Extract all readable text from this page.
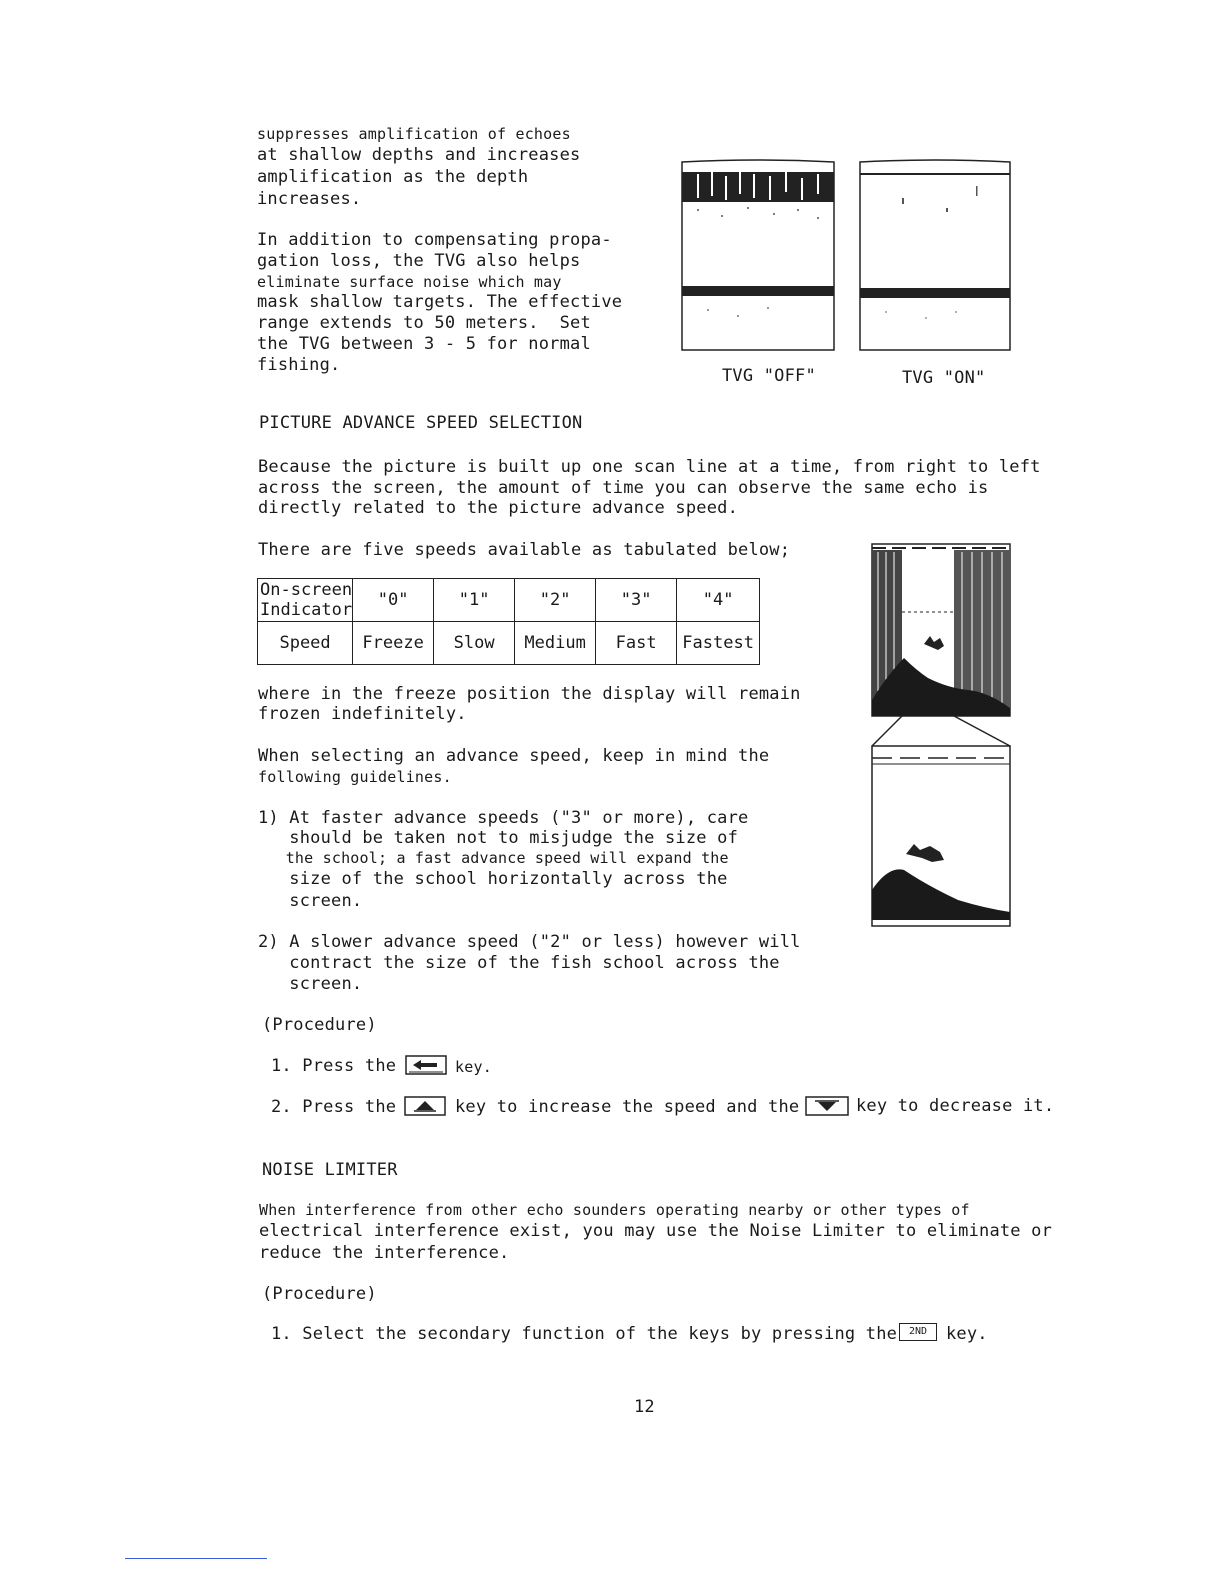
suppresses amplification of echoes
at shallow depths and increases
amplification as the depth
increases.
In addition to compensating propa-
gation loss, the TVG also helps
eliminate surface noise which may
mask shallow targets. The effective
range extends to 50 meters.  Set
the TVG between 3 - 5 for normal
fishing.
TVG "OFF"	TVG "ON"
PICTURE ADVANCE SPEED SELECTION
Because the picture is built up one scan line at a time, from right to left
across the screen, the amount of time you can observe the same echo is
directly related to the picture advance speed.
There are five speeds available as tabulated below;
On-screen
Indicator	"0"	"1"	"2"	"3"	"4"
Speed	Freeze	Slow	Medium	Fast	Fastest
where in the freeze position the display will remain
frozen indefinitely.
When selecting an advance speed, keep in mind the
following guidelines.
1) At faster advance speeds ("3" or more), care
should be taken not to misjudge the size of
the school; a fast advance speed will expand the
size of the school horizontally across the
screen.
2) A slower advance speed ("2" or less) however will
contract the size of the fish school across the
screen.
(Procedure)
1. Press the	key.
2. Press the	key to increase the speed and the	key to decrease it.
NOISE LIMITER
When interference from other echo sounders operating nearby or other types of
electrical interference exist, you may use the Noise Limiter to eliminate or
reduce the interference.
(Procedure)
1. Select the secondary function of the keys by pressing the	2ND	key.
12
